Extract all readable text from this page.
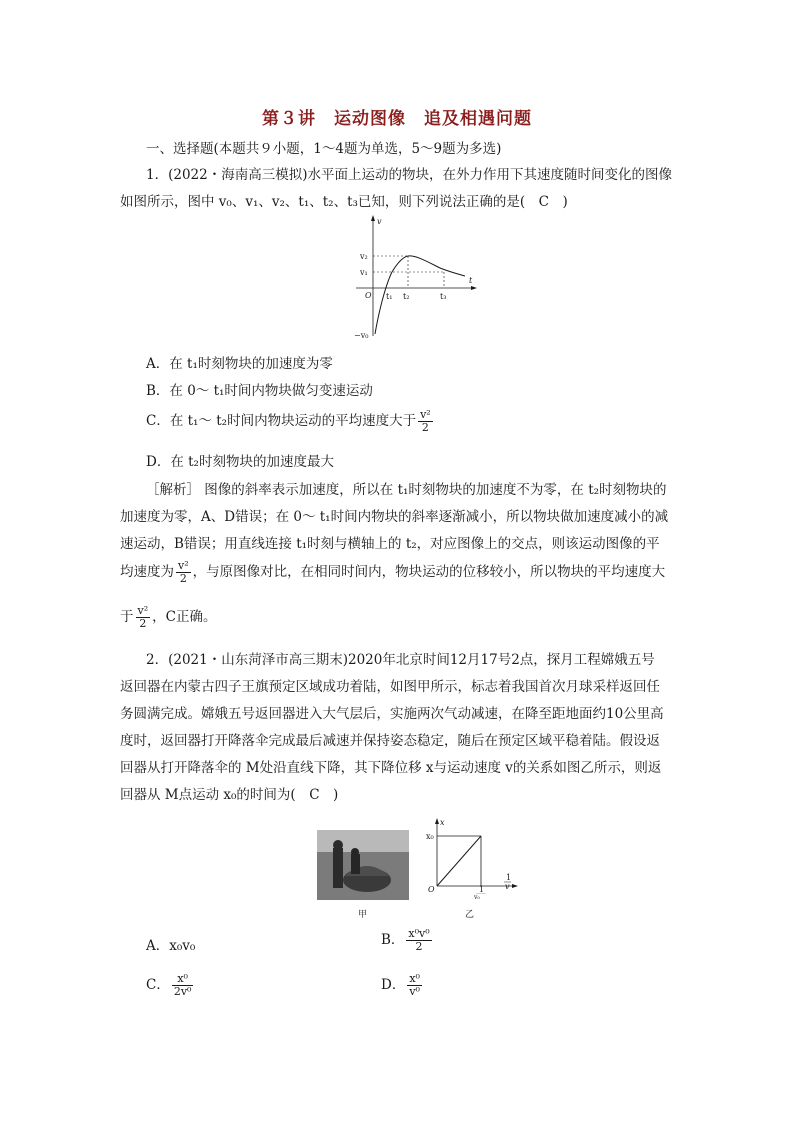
第３讲　运动图像　追及相遇问题
一、选择题(本题共９小题，1～4题为单选，5～9题为多选)
1．(2022・海南高三模拟)水平面上运动的物块，在外力作用下其速度随时间变化的图像
如图所示，图中 v₀、v₁、v₂、t₁、t₂、t₃已知，则下列说法正确的是(　C　)
v
t
O
v₂
v₁
−v₀
t₁ t₂	t₃
A．在 t₁时刻物块的加速度为零
B．在 0～ t₁时间内物块做匀变速运动
C．在 t₁～ t₂时间内物块运动的平均速度大于 $\frac{\text{v²}}{2}$
D．在 t₂时刻物块的加速度最大
［解析］ 图像的斜率表示加速度，所以在 t₁时刻物块的加速度不为零，在 t₂时刻物块的
加速度为零，A、D错误；在 0～ t₁时间内物块的斜率逐渐减小，所以物块做加速度减小的减
速运动，B错误；用直线连接 t₁时刻与横轴上的 t₂，对应图像上的交点，则该运动图像的平
均速度为 $\frac{\text{v²}}{2}$ ，与原图像对比，在相同时间内，物块运动的位移较小，所以物块的平均速度大
于 $\frac{\text{v²}}{2}$ ，C正确。
2．(2021・山东菏泽市高三期末)2020年北京时间12月17号2点，探月工程嫦娥五号
返回器在内蒙古四子王旗预定区域成功着陆，如图甲所示，标志着我国首次月球采样返回任
务圆满完成。嫦娥五号返回器进入大气层后，实施两次气动减速，在降至距地面约10公里高
度时，返回器打开降落伞完成最后减速并保持姿态稳定，随后在预定区域平稳着陆。假设返
回器从打开降落伞的 M处沿直线下降，其下降位移 x与运动速度 v的关系如图乙所示，则返
回器从 M点运动 x₀的时间为(　C　)
甲
x
x₀
O
1
v
1
v₀
乙
A．x₀v₀	B． $\frac{\text{x⁰v⁰}}{2}$
C． $\frac{\text{x⁰}}{\text{2v⁰}}$	D． $\frac{\text{x⁰}}{\text{v⁰}}$
